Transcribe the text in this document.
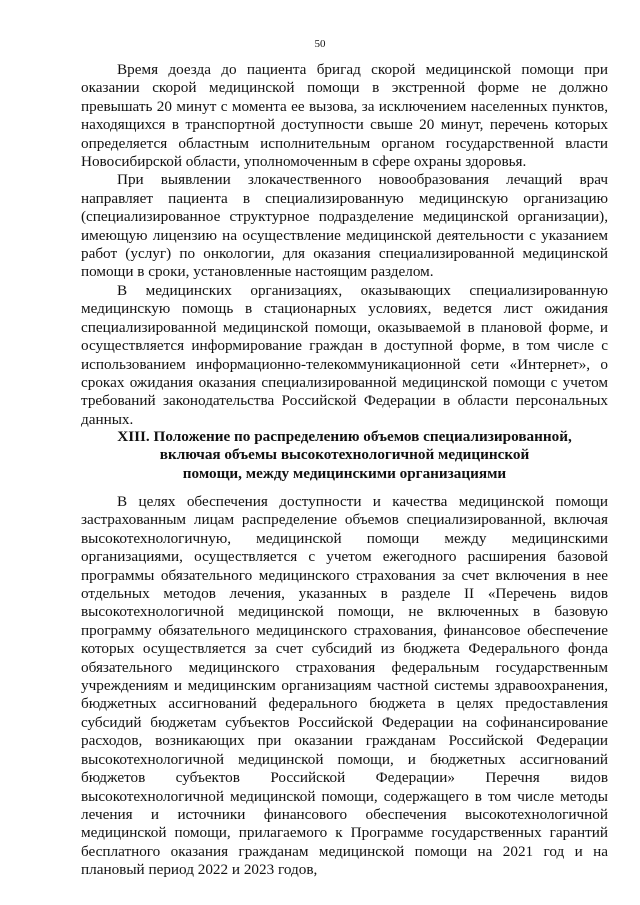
50

Время доезда до пациента бригад скорой медицинской помощи при оказании скорой медицинской помощи в экстренной форме не должно превышать 20 минут с момента ее вызова, за исключением населенных пунктов, находящихся в транспортной доступности свыше 20 минут, перечень которых определяется областным исполнительным органом государственной власти Новосибирской области, уполномоченным в сфере охраны здоровья.

При выявлении злокачественного новообразования лечащий врач направляет пациента в специализированную медицинскую организацию (специализированное структурное подразделение медицинской организации), имеющую лицензию на осуществление медицинской деятельности с указанием работ (услуг) по онкологии, для оказания специализированной медицинской помощи в сроки, установленные настоящим разделом.

В медицинских организациях, оказывающих специализированную медицинскую помощь в стационарных условиях, ведется лист ожидания специализированной медицинской помощи, оказываемой в плановой форме, и осуществляется информирование граждан в доступной форме, в том числе с использованием информационно-телекоммуникационной сети «Интернет», о сроках ожидания оказания специализированной медицинской помощи с учетом требований законодательства Российской Федерации в области персональных данных.

XIII. Положение по распределению объемов специализированной,
включая объемы высокотехнологичной медицинской
помощи, между медицинскими организациями

В целях обеспечения доступности и качества медицинской помощи застрахованным лицам распределение объемов специализированной, включая высокотехнологичную, медицинской помощи между медицинскими организациями, осуществляется с учетом ежегодного расширения базовой программы обязательного медицинского страхования за счет включения в нее отдельных методов лечения, указанных в разделе II «Перечень видов высокотехнологичной медицинской помощи, не включенных в базовую программу обязательного медицинского страхования, финансовое обеспечение которых осуществляется за счет субсидий из бюджета Федерального фонда обязательного медицинского страхования федеральным государственным учреждениям и медицинским организациям частной системы здравоохранения, бюджетных ассигнований федерального бюджета в целях предоставления субсидий бюджетам субъектов Российской Федерации на софинансирование расходов, возникающих при оказании гражданам Российской Федерации высокотехнологичной медицинской помощи, и бюджетных ассигнований бюджетов субъектов Российской Федерации» Перечня видов высокотехнологичной медицинской помощи, содержащего в том числе методы лечения и источники финансового обеспечения высокотехнологичной медицинской помощи, прилагаемого к Программе государственных гарантий бесплатного оказания гражданам медицинской помощи на 2021 год и на плановый период 2022 и 2023 годов,
